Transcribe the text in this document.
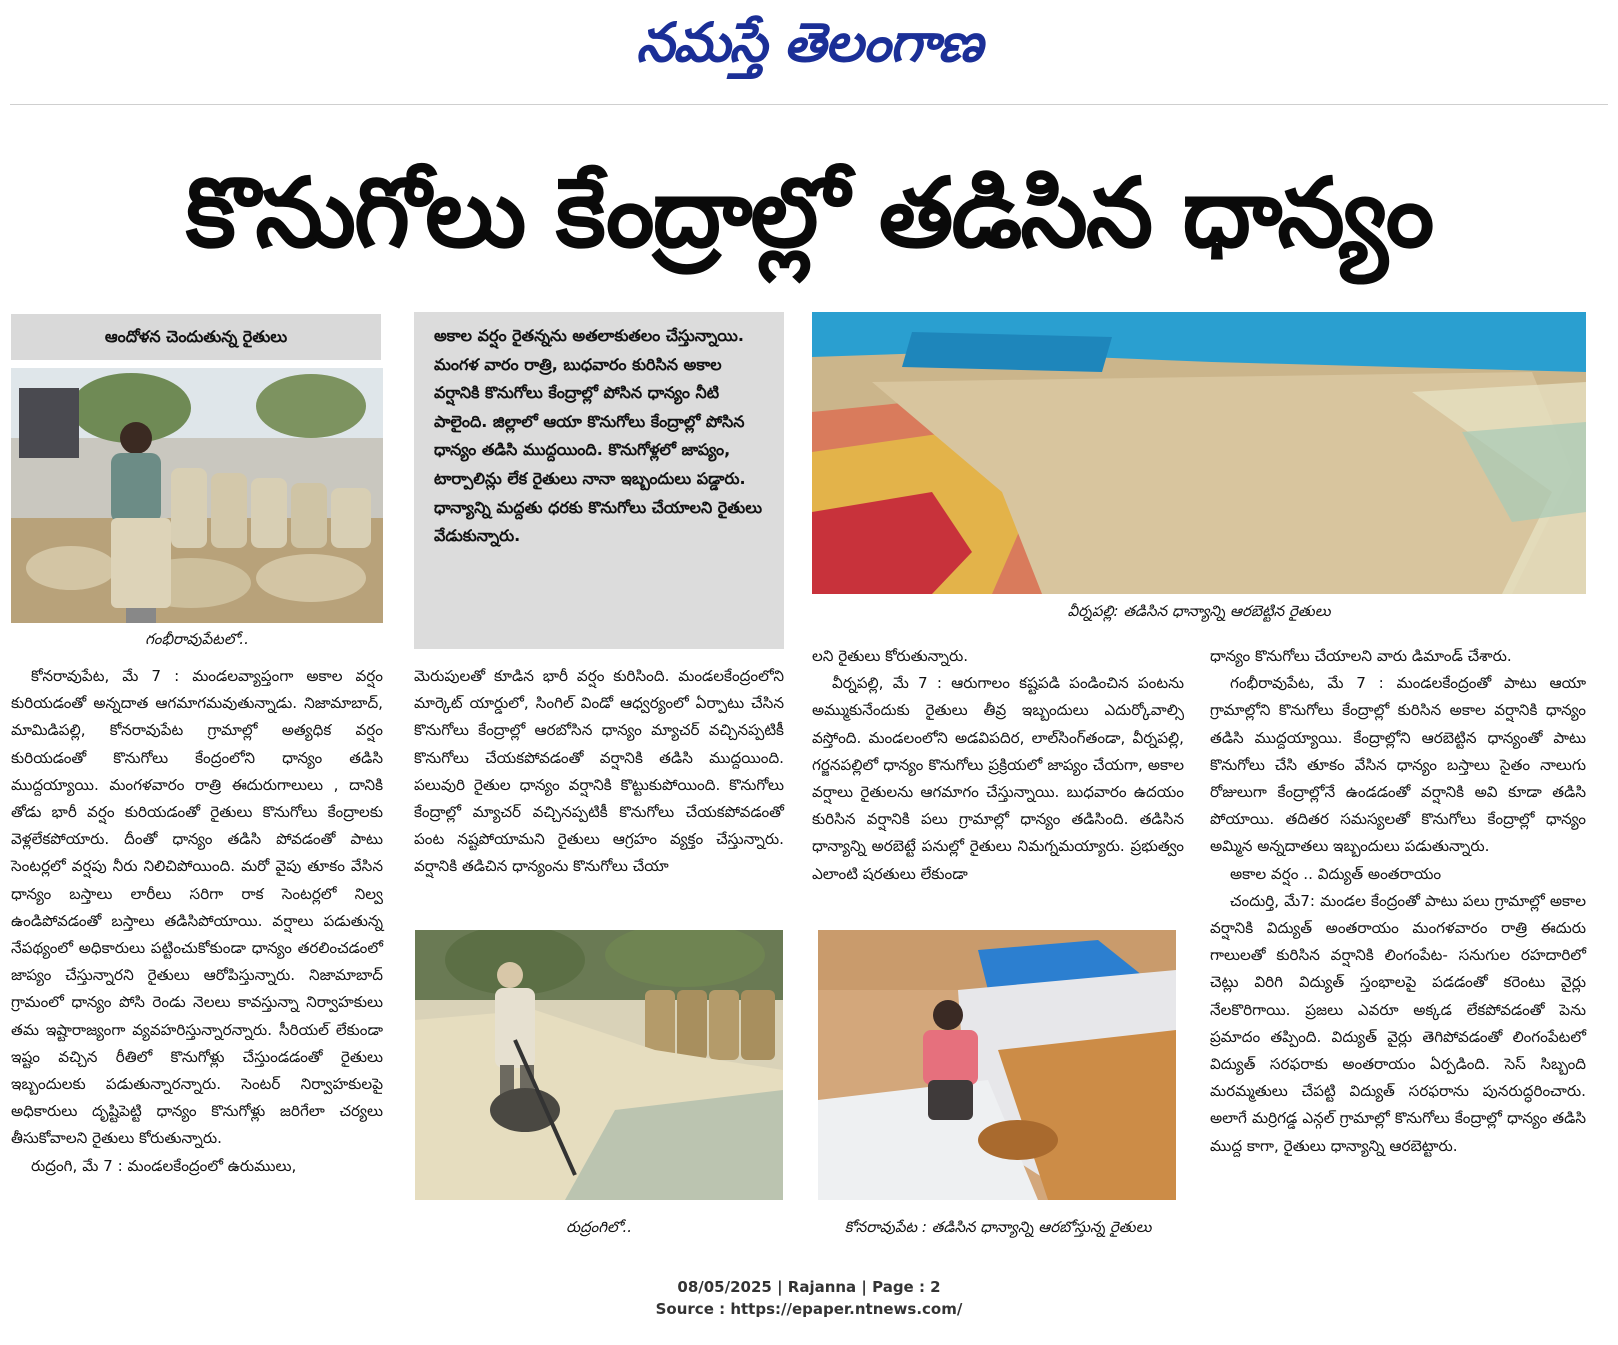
నమస్తే తెలంగాణ
కొనుగోలు కేంద్రాల్లో తడిసిన ధాన్యం
ఆందోళన చెందుతున్న రైతులు
గంభీరావుపేటలో..

కోనరావుపేట, మే 7 : మండలవ్యాప్తంగా అకాల వర్షం కురియడంతో అన్నదాత ఆగమాగమవుతున్నాడు. నిజామాబాద్, మామిడిపల్లి, కోనరావుపేట గ్రామాల్లో అత్యధిక వర్షం కురియడంతో కొనుగోలు కేంద్రంలోని ధాన్యం తడిసి ముద్దయ్యాయి. మంగళవారం రాత్రి ఈదురుగాలులు , దానికి తోడు భారీ వర్షం కురియడంతో రైతులు కొనుగోలు కేంద్రాలకు వెళ్లలేకపోయారు. దీంతో ధాన్యం తడిసి పోవడంతో పాటు సెంటర్లలో వర్షపు నీరు నిలిచిపోయింది. మరో వైపు తూకం వేసిన ధాన్యం బస్తాలు లారీలు సరిగా రాక సెంటర్లలో నిల్వ ఉండిపోవడంతో బస్తాలు తడిసిపోయాయి. వర్షాలు పడుతున్న నేపథ్యంలో అధికారులు పట్టించుకోకుండా ధాన్యం తరలించడంలో జాప్యం చేస్తున్నారని రైతులు ఆరోపిస్తున్నారు. నిజామాబాద్ గ్రామంలో ధాన్యం పోసి రెండు నెలలు కావస్తున్నా నిర్వాహకులు తమ ఇష్టారాజ్యంగా వ్యవహరిస్తున్నారన్నారు. సీరియల్ లేకుండా ఇష్టం వచ్చిన రీతిలో కొనుగోళ్లు చేస్తుండడంతో రైతులు ఇబ్బందులకు పడుతున్నారన్నారు. సెంటర్ నిర్వాహకులపై అధికారులు దృష్టిపెట్టి ధాన్యం కొనుగోళ్లు జరిగేలా చర్యలు తీసుకోవాలని రైతులు కోరుతున్నారు.

రుద్రంగి, మే 7 : మండలకేంద్రంలో ఉరుములు,

అకాల వర్షం రైతన్నను అతలాకుతలం చేస్తున్నాయి. మంగళ వారం రాత్రి, బుధవారం కురిసిన అకాల వర్షానికి కొనుగోలు కేంద్రాల్లో పోసిన ధాన్యం నీటి పాలైంది. జిల్లాలో ఆయా కొనుగోలు కేంద్రాల్లో పోసిన ధాన్యం తడిసి ముద్దయింది. కొనుగోళ్లలో జాప్యం, టార్పాలిన్లు లేక రైతులు నానా ఇబ్బందులు పడ్డారు. ధాన్యాన్ని మద్దతు ధరకు కొనుగోలు చేయాలని రైతులు వేడుకున్నారు.

మెరుపులతో కూడిన భారీ వర్షం కురిసింది. మండలకేంద్రంలోని మార్కెట్ యార్డులో, సింగిల్ విండో ఆధ్వర్యంలో ఏర్పాటు చేసిన కొనుగోలు కేంద్రాల్లో ఆరబోసిన ధాన్యం మ్యాచర్ వచ్చినప్పటికీ కొనుగోలు చేయకపోవడంతో వర్షానికి తడిసి ముద్దయింది. పలువురి రైతుల ధాన్యం వర్షానికి కొట్టుకుపోయింది. కొనుగోలు కేంద్రాల్లో మ్యాచర్ వచ్చినప్పటికీ కొనుగోలు చేయకపోవడంతో పంట నష్టపోయామని రైతులు ఆగ్రహం వ్యక్తం చేస్తున్నారు. వర్షానికి తడిచిన ధాన్యంను కొనుగోలు చేయా

రుద్రంగిలో..
వీర్నపల్లి: తడిసిన ధాన్యాన్ని ఆరబెట్టిన రైతులు

లని రైతులు కోరుతున్నారు.

వీర్నపల్లి, మే 7 : ఆరుగాలం కష్టపడి పండించిన పంటను అమ్ముకునేందుకు రైతులు తీవ్ర ఇబ్బందులు ఎదుర్కోవాల్సి వస్తోంది. మండలంలోని అడవిపదిర, లాల్‌సింగ్‌తండా, వీర్నపల్లి, గర్జనపల్లిలో ధాన్యం కొనుగోలు ప్రక్రియలో జాప్యం చేయగా, అకాల వర్షాలు రైతులను ఆగమాగం చేస్తున్నాయి. బుధవారం ఉదయం కురిసిన వర్షానికి పలు గ్రామాల్లో ధాన్యం తడిసింది. తడిసిన ధాన్యాన్ని అరబెట్టే పనుల్లో రైతులు నిమగ్నమయ్యారు. ప్రభుత్వం ఎలాంటి షరతులు లేకుండా

కోనరావుపేట : తడిసిన ధాన్యాన్ని ఆరబోస్తున్న రైతులు

ధాన్యం కొనుగోలు చేయాలని వారు డిమాండ్ చేశారు.

గంభీరావుపేట, మే 7 : మండలకేంద్రంతో పాటు ఆయా గ్రామాల్లోని కొనుగోలు కేంద్రాల్లో కురిసిన అకాల వర్షానికి ధాన్యం తడిసి ముద్దయ్యాయి. కేంద్రాల్లోని ఆరబెట్టిన ధాన్యంతో పాటు కొనుగోలు చేసి తూకం వేసిన ధాన్యం బస్తాలు సైతం నాలుగు రోజులుగా కేంద్రాల్లోనే ఉండడంతో వర్షానికి అవి కూడా తడిసి పోయాయి. తదితర సమస్యలతో కొనుగోలు కేంద్రాల్లో ధాన్యం అమ్మిన అన్నదాతలు ఇబ్బందులు పడుతున్నారు.

అకాల వర్షం .. విద్యుత్ అంతరాయం

చందుర్తి, మే7: మండల కేంద్రంతో పాటు పలు గ్రామాల్లో అకాల వర్షానికి విద్యుత్ అంతరాయం మంగళవారం రాత్రి ఈదురు గాలులతో కురిసిన వర్షానికి లింగంపేట- సనుగుల రహదారిలో చెట్లు విరిగి విద్యుత్ స్తంభాలపై పడడంతో కరెంటు వైర్లు నేలకొరిగాయి. ప్రజలు ఎవరూ అక్కడ లేకపోవడంతో పెను ప్రమాదం తప్పింది. విద్యుత్ వైర్లు తెగిపోవడంతో లింగంపేటలో విద్యుత్ సరఫరాకు అంతరాయం ఏర్పడింది. సెస్ సిబ్బంది మరమ్మతులు చేపట్టి విద్యుత్ సరఫరాను పునరుద్ధరించారు. అలాగే మర్రిగడ్డ ఎన్గల్ గ్రామాల్లో కొనుగోలు కేంద్రాల్లో ధాన్యం తడిసి ముద్ద కాగా, రైతులు ధాన్యాన్ని ఆరబెట్టారు.

08/05/2025 | Rajanna | Page : 2
Source : https://epaper.ntnews.com/
